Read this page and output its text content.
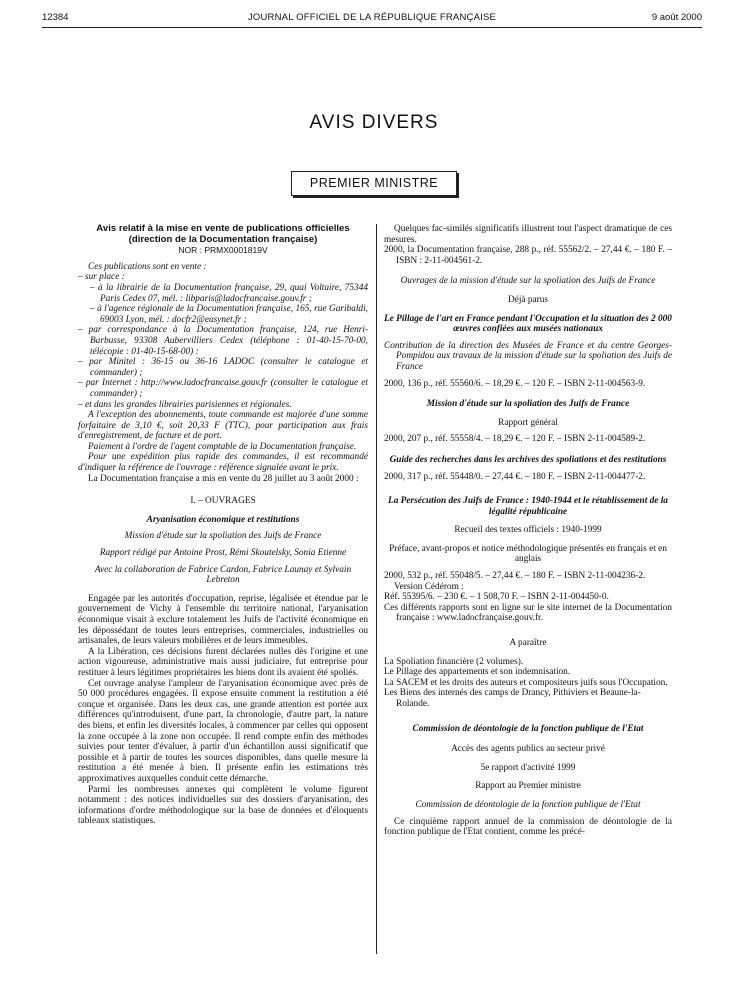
12384	JOURNAL OFFICIEL DE LA RÉPUBLIQUE FRANÇAISE	9 août 2000
AVIS DIVERS
PREMIER MINISTRE

Avis relatif à la mise en vente de publications officielles (direction de la Documentation française)

NOR : PRMX0001819V

Ces publications sont en vente :

– sur place :

– à la librairie de la Documentation française, 29, quai Voltaire, 75344 Paris Cedex 07, mél. : libparis@ladocfrancaise.gouv.fr ;

– à l'agence régionale de la Documentation française, 165, rue Garibaldi, 69003 Lyon, mél. : docfr2@easynet.fr ;

– par correspondance à la Documentation française, 124, rue Henri-Barbusse, 93308 Aubervilliers Cedex (téléphone : 01-40-15-70-00, télécopie : 01-40-15-68-00) :

– par Minitel : 36-15 ou 36-16 LADOC (consulter le catalogue et commander) ;

– par Internet : http://www.ladocfrancaise.gouv.fr (consulter le catalogue et commander) ;

– et dans les grandes librairies parisiennes et régionales.

A l'exception des abonnements, toute commande est majorée d'une somme forfaitaire de 3,10 €, soit 20,33 F (TTC), pour participation aux frais d'enregistrement, de facture et de port.

Paiement à l'ordre de l'agent comptable de la Documentation française.

Pour une expédition plus rapide des commandes, il est recommandé d'indiquer la référence de l'ouvrage : référence signalée avant le prix.

La Documentation française a mis en vente du 28 juillet au 3 août 2000 :

I. – OUVRAGES

Aryanisation économique et restitutions

Mission d'étude sur la spoliation des Juifs de France

Rapport rédigé par Antoine Prost, Rémi Skoutelsky, Sonia Etienne

Avec la collaboration de Fabrice Cardon, Fabrice Launay et Sylvain Lebreton

Engagée par les autorités d'occupation, reprise, légalisée et étendue par le gouvernement de Vichy à l'ensemble du territoire national, l'aryanisation économique visait à exclure totalement les Juifs de l'activité économique en les dépossédant de toutes leurs entreprises, commerciales, industrielles ou artisanales, de leurs valeurs mobilières et de leurs immeubles.

A la Libération, ces décisions furent déclarées nulles dès l'origine et une action vigoureuse, administrative mais aussi judiciaire, fut entreprise pour restituer à leurs légitimes propriétaires les biens dont ils avaient été spoliés.

Cet ouvrage analyse l'ampleur de l'aryanisation économique avec près de 50 000 procédures engagées. Il expose ensuite comment la restitution a été conçue et organisée. Dans les deux cas, une grande attention est portée aux différences qu'introduisent, d'une part, la chronologie, d'autre part, la nature des biens, et enfin les diversités locales, à commencer par celles qui opposent la zone occupée à la zone non occupée. Il rend compte enfin des méthodes suivies pour tenter d'évaluer, à partir d'un échantillon aussi significatif que possible et à partir de toutes les sources disponibles, dans quelle mesure la restitution a été menée à bien. Il présente enfin les estimations très approximatives auxquelles conduit cette démarche.

Parmi les nombreuses annexes qui complètent le volume figurent notamment : des notices individuelles sur des dossiers d'aryanisation, des informations d'ordre méthodologique sur la base de données et d'éloquents tableaux statistiques.

Quelques fac-similés significatifs illustrent tout l'aspect dramatique de ces mesures.

2000, la Documentation française, 288 p., réf. 55562/2. – 27,44 €. – 180 F. – ISBN : 2-11-004561-2.

Ouvrages de la mission d'étude sur la spoliation des Juifs de France

Déjà parus

Le Pillage de l'art en France pendant l'Occupation et la situation des 2 000 œuvres confiées aux musées nationaux

Contribution de la direction des Musées de France et du centre Georges-Pompidou aux travaux de la mission d'étude sur la spoliation des Juifs de France

2000, 136 p., réf. 55560/6. – 18,29 €. – 120 F. – ISBN 2-11-004563-9.

Mission d'étude sur la spoliation des Juifs de France

Rapport général

2000, 207 p., réf. 55558/4. – 18,29 €. – 120 F. – ISBN 2-11-004589-2.

Guide des recherches dans les archives des spoliations et des restitutions

2000, 317 p., réf. 55448/0. – 27,44 €. – 180 F. – ISBN 2-11-004477-2.

La Persécution des Juifs de France : 1940-1944 et le rétablissement de la légalité républicaine

Recueil des textes officiels : 1940-1999

Préface, avant-propos et notice méthodologique présentés en français et en anglais

2000, 532 p., réf. 55048/5. – 27,44 €. – 180 F. – ISBN 2-11-004236-2.

Version Cédérom :

Réf. 55395/6. – 230 €. – 1 508,70 F. – ISBN 2-11-004450-0.

Ces différents rapports sont en ligne sur le site internet de la Documentation française : www.ladocfrançaise.gouv.fr.

A paraître

La Spoliation financière (2 volumes).

Le Pillage des appartements et son indemnisation.

La SACEM et les droits des auteurs et compositeurs juifs sous l'Occupation.

Les Biens des internés des camps de Drancy, Pithiviers et Beaune-la-Rolande.

Commission de déontologie de la fonction publique de l'Etat

Accès des agents publics au secteur privé

5e rapport d'activité 1999

Rapport au Premier ministre

Commission de déontologie de la fonction publique de l'Etat

Ce cinquième rapport annuel de la commission de déontologie de la fonction publique de l'Etat contient, comme les précé-
